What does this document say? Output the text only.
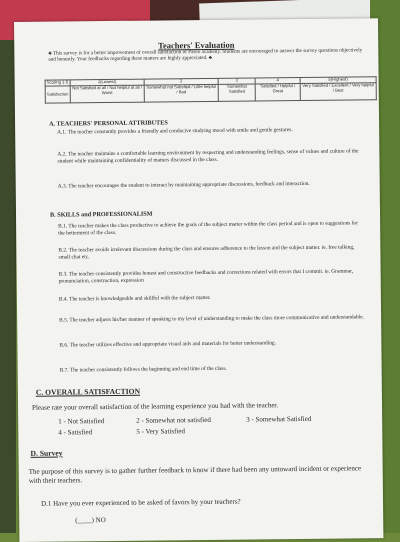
Teachers' Evaluation
♣ This survey is for a better improvement of overall satisfaction of Paseo academy. Students are encouraged to answer the survey questions objectively and honestly. Your feedbacks regarding these matters are highly appreciated. ♣
Scoring 1-5	1(Lowest)	2	3	4	5(Highest)
Satisfaction	Not Satisfied at all / Not helpful at all / Worst	Somewhat not Satisfied / Little helpful / Bad	Somewhat Satisfied	Satisfied / Helpful / Great	Very Satisfied / Excellent / Very helpful / Best
A. TEACHERS' PERSONAL ATTRIBUTES
A.1. The teacher constantly provides a friendly and conducive studying mood with smile and gentle gestures.
A.2. The teacher maintains a comfortable learning environment by respecting and understanding feelings, sense of values and culture of the student while maintaining confidentiality of matters discussed in the class.
A.3. The teacher encourages the student to interact by maintaining appropriate discussions, feedback and interaction.
B. SKILLS and PROFESSIONALISM
B.1. The teacher makes the class productive to achieve the goals of the subject matter within the class period and is open to suggestions for the betterment of the class.
B.2. The teacher avoids irrelevant discussions during the class and ensures adherence to the lesson and the subject matter. ie. free talking, small chat etc.
B.3. The teacher consistently provides honest and constructive feedbacks and corrections related with errors that I commit. ie. Grammar, pronunciation, construction, expression
B.4. The teacher is knowledgeable and skillful with the subject matter.
B.5. The teacher adjusts his/her manner of speaking to my level of understanding to make the class more communicative and understandable.
B.6. The teacher utilizes effective and appropriate visual aids and materials for better understanding.
B.7. The teacher consistently follows the beginning and end time of the class.
C. OVERALL SATISFACTION
Please rate your overall satisfaction of the learning experience you had with the teacher.
1 - Not Satisfied	2 - Somewhat not satisfied	3 - Somewhat Satisfied
4 - Satisfied	5 - Very Satisfied
D. Survey
The purpose of this survey is to gather further feedback to know if there had been any untoward incident or experience with their teachers.
D.1 Have you ever experienced to be asked of favors by your teachers?
(____) NO
